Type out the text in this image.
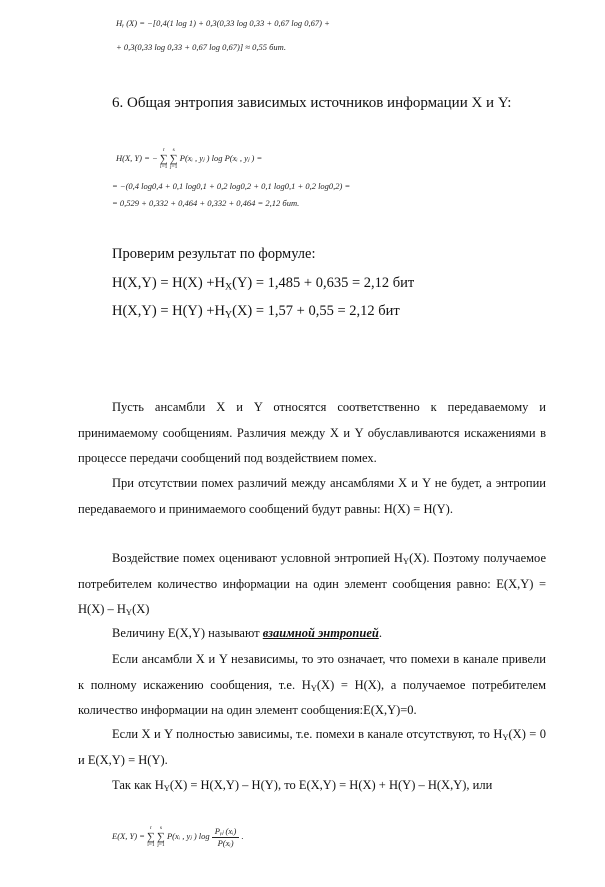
Hᵧ (X) = −[0,4(1 log 1) + 0,3(0,33 log 0,33 + 0,67 log 0,67) +
+ 0,3(0,33 log 0,33 + 0,67 log 0,67)] ≈ 0,55 бит.
6. Общая энтропия зависимых источников информации X и Y:
H(X, Y) = −
r
∑
i=1

s
∑
j=1
P(xᵢ , yⱼ ) log P(xᵢ , yⱼ ) =
= −(0,4 log0,4 + 0,1 log0,1 + 0,2 log0,2 + 0,1 log0,1 + 0,2 log0,2) =
= 0,529 + 0,332 + 0,464 + 0,332 + 0,464 = 2,12 бит.
Проверим результат по формуле:
$H(X,Y) = H(X) +H_X(Y) = 1,485 + 0,635 = 2,12$ бит
$H(X,Y) = H(Y) +H_Y(X) = 1,57 + 0,55 = 2,12$ бит

Пусть ансамбли X и Y относятся соответственно к передаваемому и принимаемому сообщениям. Различия между X и Y обуславливаются искажениями в процессе передачи сообщений под воздействием помех.

При отсутствии помех различий между ансамблями X и Y не будет, а энтропии передаваемого и принимаемого сообщений будут равны: H(X) = H(Y).

Воздействие помех оценивают условной энтропией $H_Y(X)$. Поэтому получаемое потребителем количество информации на один элемент сообщения равно: $E(X,Y) = H(X) - H_Y(X)$

Величину E(X,Y) называют взаимной энтропией.

Если ансамбли X и Y независимы, то это означает, что помехи в канале привели к полному искажению сообщения, т.е. $H_Y(X) = H(X)$, а получаемое потребителем количество информации на один элемент сообщения:E(X,Y)=0.

Если X и Y полностью зависимы, т.е. помехи в канале отсутствуют, то $H_Y(X) = 0$ и E(X,Y) = H(Y).

Так как $H_Y(X) = H(X,Y) - H(Y)$, то E(X,Y) = H(X) + H(Y) – H(X,Y), или
E(X, Y) =
r
∑
i=1

s
∑
j=1
P(xᵢ , yⱼ ) $\log \frac{\text{Pᵧⱼ (xᵢ)}}{\text{P(xᵢ)}}$ .
